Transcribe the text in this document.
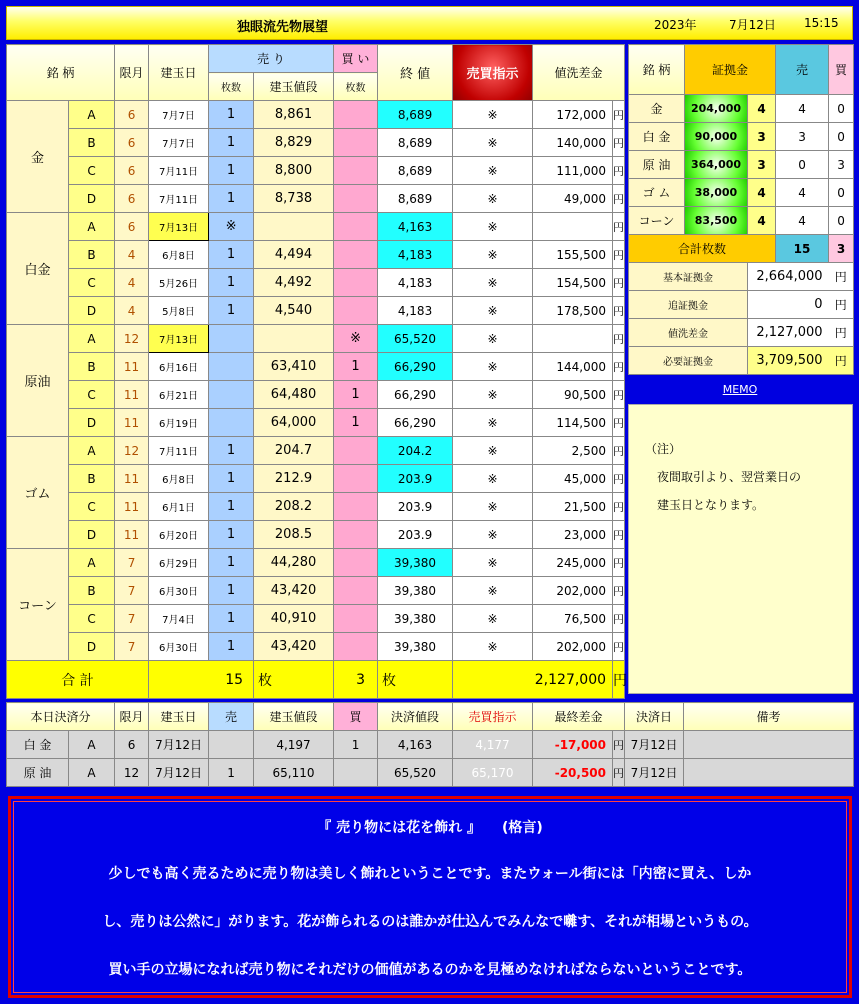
独眼流先物展望	2023年	7月12日 15:15
銘 柄		限月	建玉日	売 り		買 い	終 値	売買指示	値洗差金	
				枚数	建玉値段	枚数				
金	A	6	7月7日	1	8,861		8,689	※	172,000	円
	B	6	7月7日	1	8,829		8,689	※	140,000	円
	C	6	7月11日	1	8,800		8,689	※	111,000	円
	D	6	7月11日	1	8,738		8,689	※	49,000	円
白金	A	6	7月13日	※			4,163	※		円
	B	4	6月8日	1	4,494		4,183	※	155,500	円
	C	4	5月26日	1	4,492		4,183	※	154,500	円
	D	4	5月8日	1	4,540		4,183	※	178,500	円
原油	A	12	7月13日			※	65,520	※		円
	B	11	6月16日		63,410	1	66,290	※	144,000	円
	C	11	6月21日		64,480	1	66,290	※	90,500	円
	D	11	6月19日		64,000	1	66,290	※	114,500	円
ゴム	A	12	7月11日	1	204.7		204.2	※	2,500	円
	B	11	6月8日	1	212.9		203.9	※	45,000	円
	C	11	6月1日	1	208.2		203.9	※	21,500	円
	D	11	6月20日	1	208.5		203.9	※	23,000	円
コーン	A	7	6月29日	1	44,280		39,380	※	245,000	円
	B	7	6月30日	1	43,420		39,380	※	202,000	円
	C	7	7月4日	1	40,910		39,380	※	76,500	円
	D	7	6月30日	1	43,420		39,380	※	202,000	円
合 計			15		枚	3	枚	2,127,000		円
銘 柄	証拠金		売	買
金	204,000	4	4	0
白 金	90,000	3	3	0
原 油	364,000	3	0	3
ゴ ム	38,000	4	4	0
コーン	83,500	4	4	0
合計枚数			15	3
基本証拠金		2,664,000		円
追証拠金		0		円
値洗差金		2,127,000		円
必要証拠金		3,709,500		円
MEMO
（注）
　夜間取引より、翌営業日の
　建玉日となります。
本日決済分		限月	建玉日	売	建玉値段	買	決済値段	売買指示	最終差金		決済日	備考
白 金	A	6	7月12日		4,197	1	4,163	4,177	-17,000	円	7月12日	
原 油	A	12	7月12日	1	65,110		65,520	65,170	-20,500	円	7月12日	
『 売り物には花を飾れ 』　　(格言)
少しでも高く売るために売り物は美しく飾れということです。またウォール街には「内密に買え、しか
し、売りは公然に」がります。花が飾られるのは誰かが仕込んでみんなで囃す、それが相場というもの。
買い手の立場になれば売り物にそれだけの価値があるのかを見極めなければならないということです。
